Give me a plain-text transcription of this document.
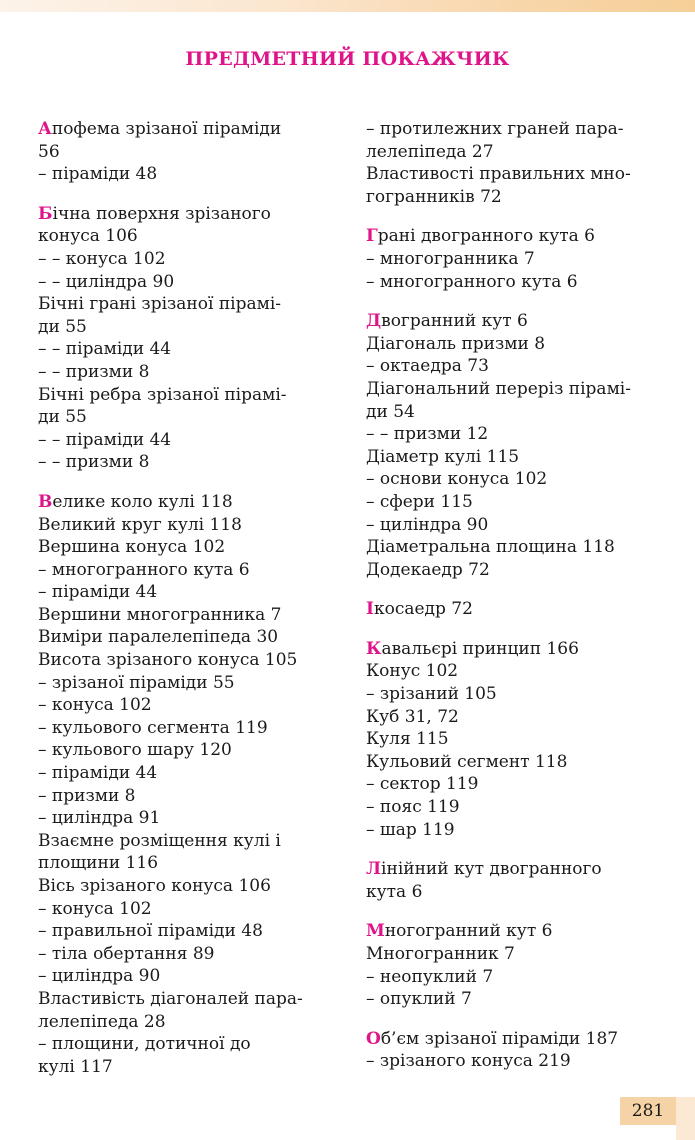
ПРЕДМЕТНИЙ ПОКАЖЧИК
Апофема зрізаної піраміди
56
– піраміди 48
Бічна поверхня зрізаного
конуса 106
– – конуса 102
– – циліндра 90
Бічні грані зрізаної пірамі-
ди 55
– – піраміди 44
– – призми 8
Бічні ребра зрізаної пірамі-
ди 55
– – піраміди 44
– – призми 8
Велике коло кулі 118
Великий круг кулі 118
Вершина конуса 102
– многогранного кута 6
– піраміди 44
Вершини многогранника 7
Виміри паралелепіпеда 30
Висота зрізаного конуса 105
– зрізаної піраміди 55
– конуса 102
– кульового сегмента 119
– кульового шару 120
– піраміди 44
– призми 8
– циліндра 91
Взаємне розміщення кулі і
площини 116
Вісь зрізаного конуса 106
– конуса 102
– правильної піраміди 48
– тіла обертання 89
– циліндра 90
Властивість діагоналей пара-
лелепіпеда 28
– площини, дотичної до
кулі 117
– протилежних граней пара-
лелепіпеда 27
Властивості правильних мно-
гогранників 72
Грані двогранного кута 6
– многогранника 7
– многогранного кута 6
Двогранний кут 6
Діагональ призми 8
– октаедра 73
Діагональний переріз пірамі-
ди 54
– – призми 12
Діаметр кулі 115
– основи конуса 102
– сфери 115
– циліндра 90
Діаметральна площина 118
Додекаедр 72
Ікосаедр 72
Кавальєрі принцип 166
Конус 102
– зрізаний 105
Куб 31, 72
Куля 115
Кульовий сегмент 118
– сектор 119
– пояс 119
– шар 119
Лінійний кут двогранного
кута 6
Многогранний кут 6
Многогранник 7
– неопуклий 7
– опуклий 7
Об’єм зрізаної піраміди 187
– зрізаного конуса 219
281
